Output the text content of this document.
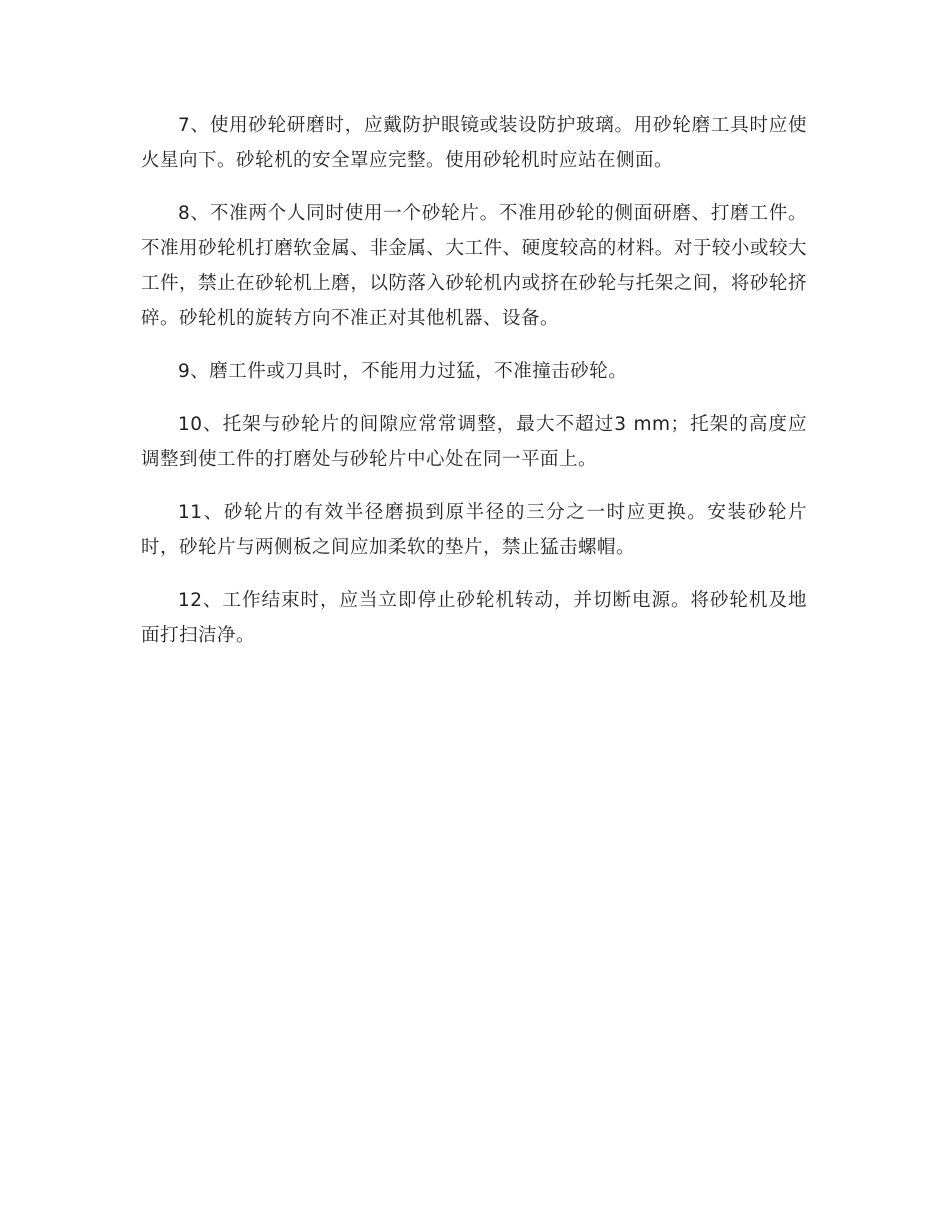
7、使用砂轮研磨时，应戴防护眼镜或装设防护玻璃。用砂轮磨工具时应使火星向下。砂轮机的安全罩应完整。使用砂轮机时应站在侧面。

8、不准两个人同时使用一个砂轮片。不准用砂轮的侧面研磨、打磨工件。不准用砂轮机打磨软金属、非金属、大工件、硬度较高的材料。对于较小或较大工件，禁止在砂轮机上磨，以防落入砂轮机内或挤在砂轮与托架之间，将砂轮挤碎。砂轮机的旋转方向不准正对其他机器、设备。

9、磨工件或刀具时，不能用力过猛，不准撞击砂轮。

10、托架与砂轮片的间隙应常常调整，最大不超过3 mm；托架的高度应调整到使工件的打磨处与砂轮片中心处在同一平面上。

11、砂轮片的有效半径磨损到原半径的三分之一时应更换。安装砂轮片时，砂轮片与两侧板之间应加柔软的垫片，禁止猛击螺帽。

12、工作结束时，应当立即停止砂轮机转动，并切断电源。将砂轮机及地面打扫洁净。
